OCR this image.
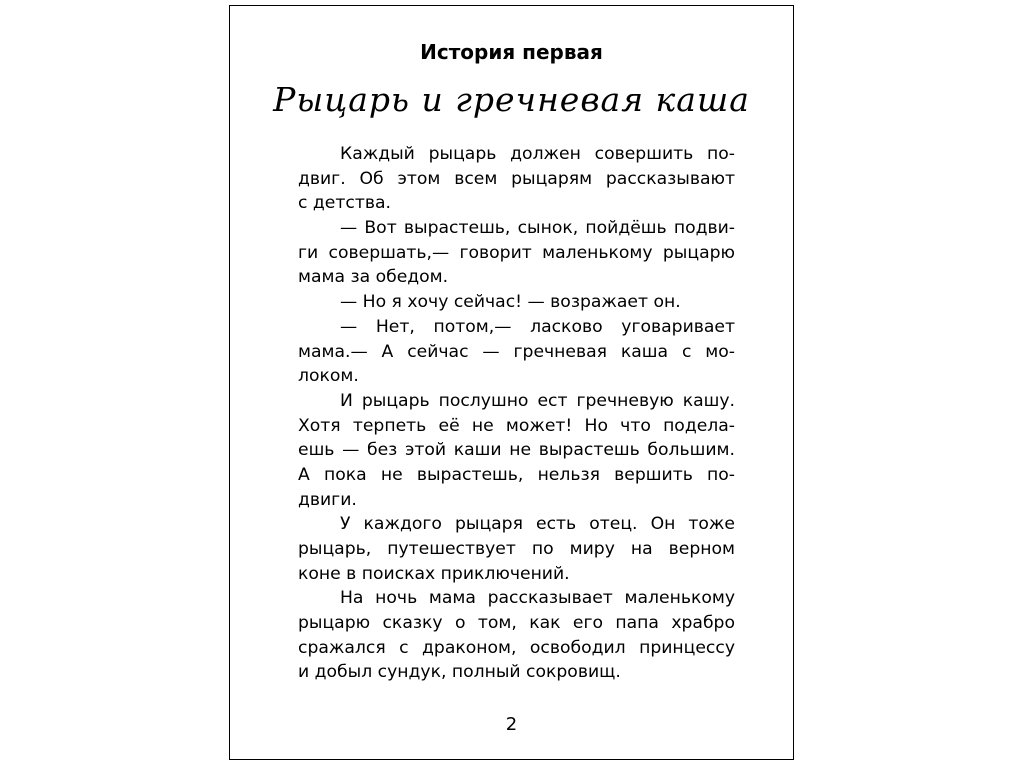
История первая
Рыцарь и гречневая каша
Каждый рыцарь должен совершить по-
двиг. Об этом всем рыцарям рассказывают
с детства.
— Вот вырастешь, сынок, пойдёшь подви-
ги совершать,— говорит маленькому рыцарю
мама за обедом.
— Но я хочу сейчас! — возражает он.
— Нет, потом,— ласково уговаривает
мама.— А сейчас — гречневая каша с мо-
локом.
И рыцарь послушно ест гречневую кашу.
Хотя терпеть её не может! Но что подела-
ешь — без этой каши не вырастешь большим.
А пока не вырастешь, нельзя вершить по-
двиги.
У каждого рыцаря есть отец. Он тоже
рыцарь, путешествует по миру на верном
коне в поисках приключений.
На ночь мама рассказывает маленькому
рыцарю сказку о том, как его папа храбро
сражался с драконом, освободил принцессу
и добыл сундук, полный сокровищ.
2
